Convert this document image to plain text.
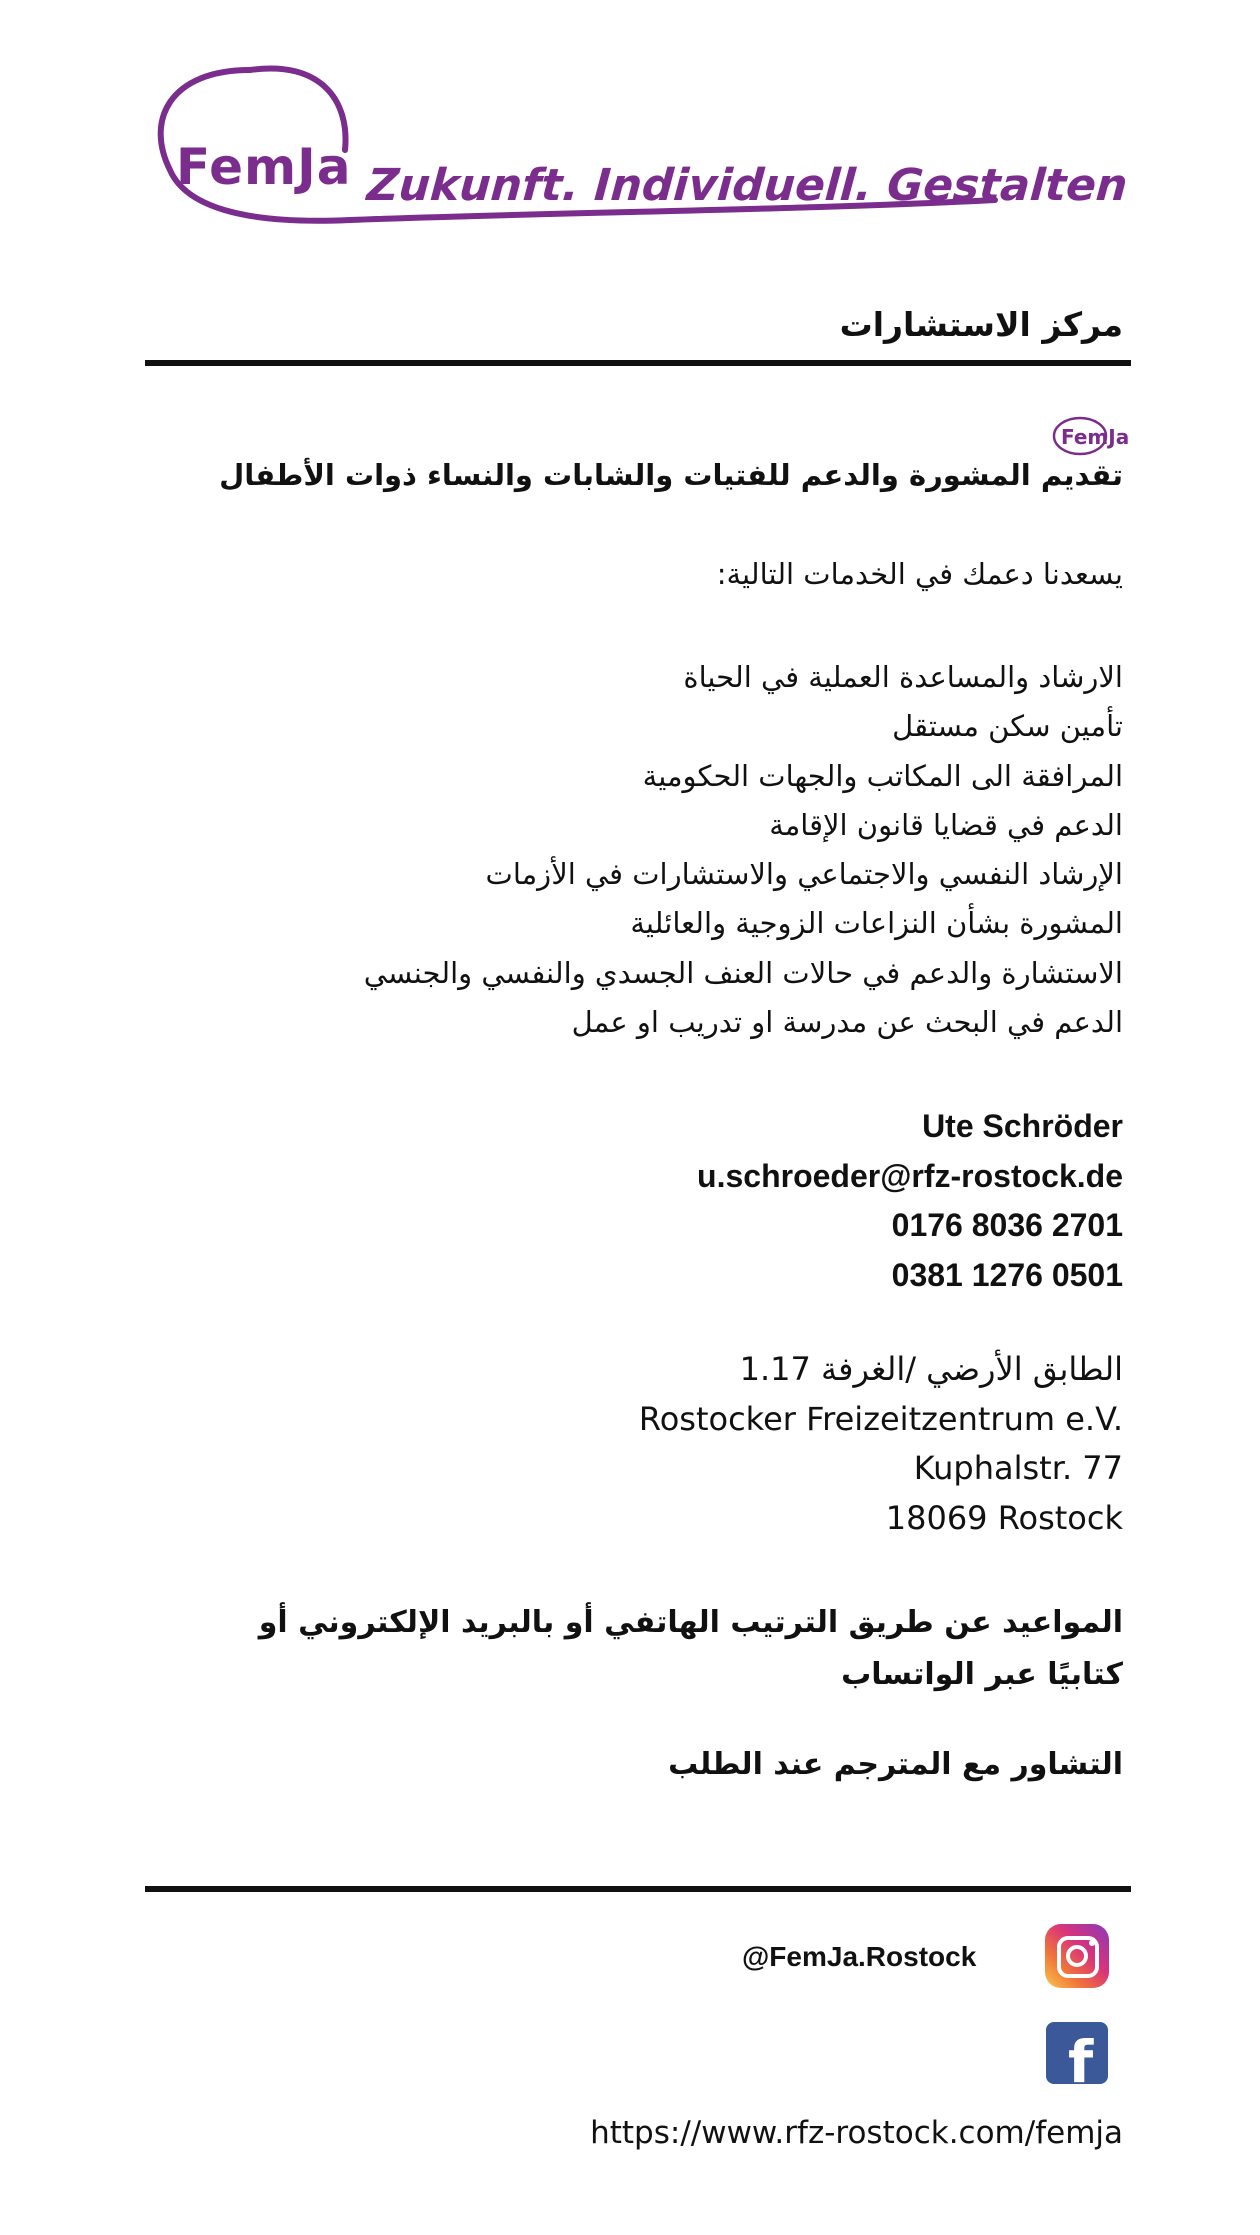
FemJa Zukunft. Individuell. Gestalten
مركز الاستشارات
FemJa
تقديم المشورة والدعم للفتيات والشابات والنساء ذوات الأطفال
يسعدنا دعمك في الخدمات التالية:
الارشاد والمساعدة العملية في الحياة
تأمين سكن مستقل
المرافقة الى المكاتب والجهات الحكومية
الدعم في قضايا قانون الإقامة
الإرشاد النفسي والاجتماعي والاستشارات في الأزمات
المشورة بشأن النزاعات الزوجية والعائلية
الاستشارة والدعم في حالات العنف الجسدي والنفسي والجنسي
الدعم في البحث عن مدرسة او تدريب او عمل
Ute Schröder
u.schroeder@rfz-rostock.de
0176 8036 2701
0381 1276 0501
الطابق الأرضي /الغرفة 1.17
Rostocker Freizeitzentrum e.V.
Kuphalstr. 77
18069 Rostock
المواعيد عن طريق الترتيب الهاتفي أو بالبريد الإلكتروني أو كتابيًا عبر الواتساب
التشاور مع المترجم عند الطلب
@FemJa.Rostock
f
https://www.rfz-rostock.com/femja
